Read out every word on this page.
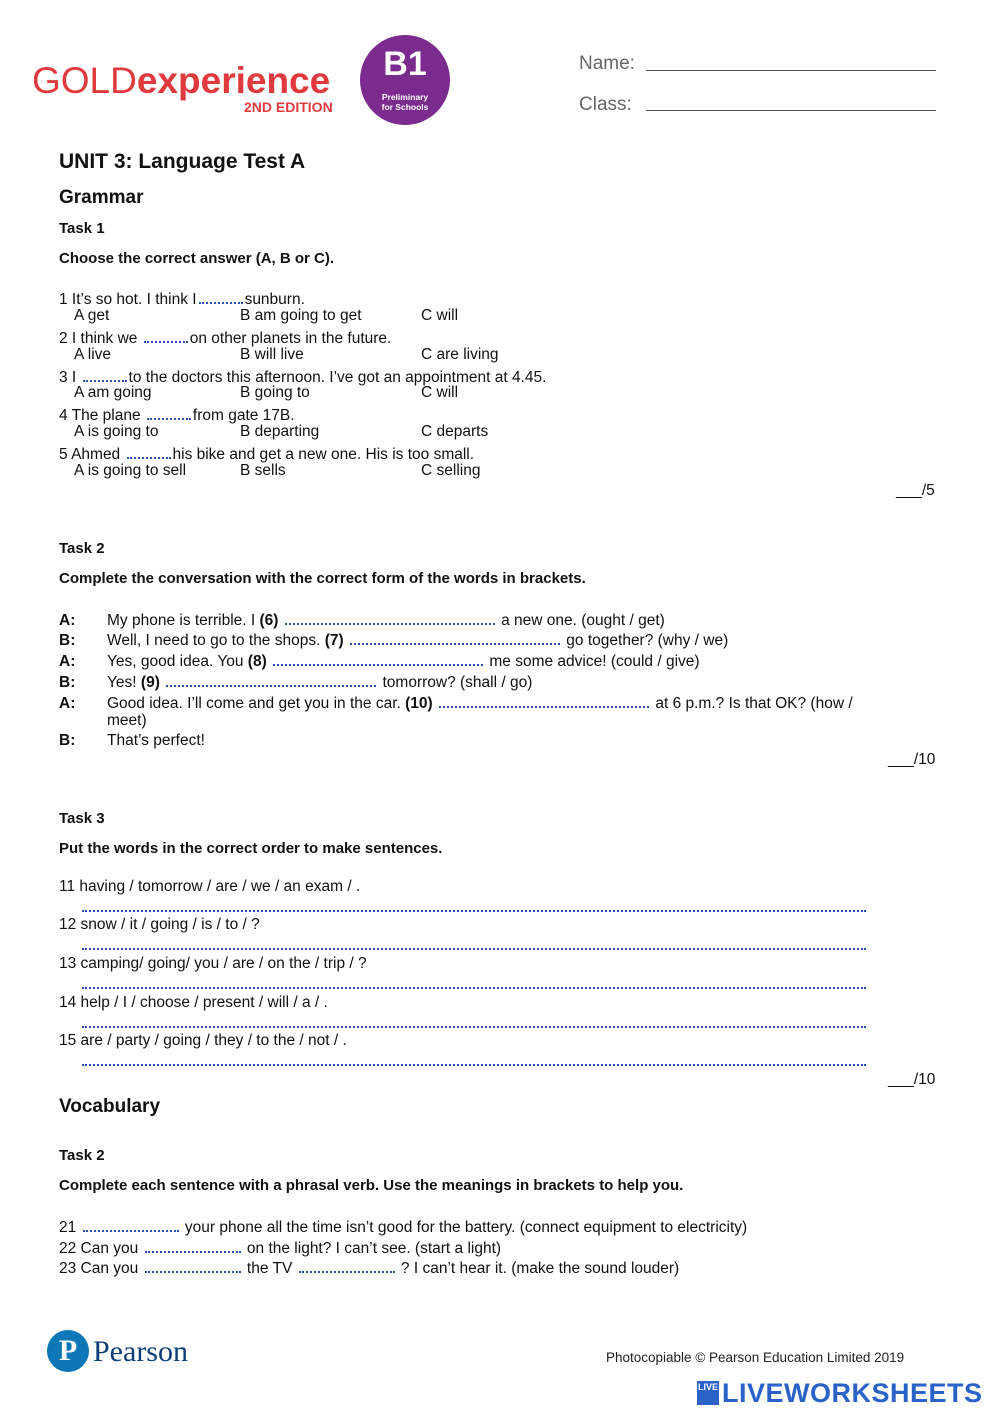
GOLDexperience
2ND EDITION
B1
Preliminary
for Schools
Name:
Class:
UNIT 3: Language Test A
Grammar
Task 1
Choose the correct answer (A, B or C).
1 It’s so hot. I think I	sunburn.
A get	B am going to get	C will
2 I think we	on other planets in the future.
A live	B will live	C are living
3 I	to the doctors this afternoon. I’ve got an appointment at 4.45.
A am going	B going to	C will
4 The plane	from gate 17B.
A is going to	B departing	C departs
5 Ahmed	his bike and get a new one. His is too small.
A is going to sell	B sells	C selling
___/5
Task 2
Complete the conversation with the correct form of the words in brackets.
A: My phone is terrible. I (6)	a new one. (ought / get)
B: Well, I need to go to the shops. (7)	go together? (why / we)
A: Yes, good idea. You (8)	me some advice! (could / give)
B: Yes! (9)	tomorrow? (shall / go)
A: Good idea. I’ll come and get you in the car. (10)	at 6 p.m.? Is that OK? (how /
meet)
B: That’s perfect!
___/10
Task 3
Put the words in the correct order to make sentences.
11 having / tomorrow / are / we / an exam / .
12 snow / it / going / is / to / ?
13 camping/ going/ you / are / on the / trip / ?
14 help / I / choose / present / will / a / .
15 are / party / going / they / to the / not / .
___/10
Vocabulary
Task 2
Complete each sentence with a phrasal verb. Use the meanings in brackets to help you.
21	your phone all the time isn’t good for the battery. (connect equipment to electricity)
22 Can you	on the light? I can’t see. (start a light)
23 Can you	the TV	? I can’t hear it. (make the sound louder)
P Pearson	Photocopiable © Pearson Education Limited 2019
LIVE LIVEWORKSHEETS
